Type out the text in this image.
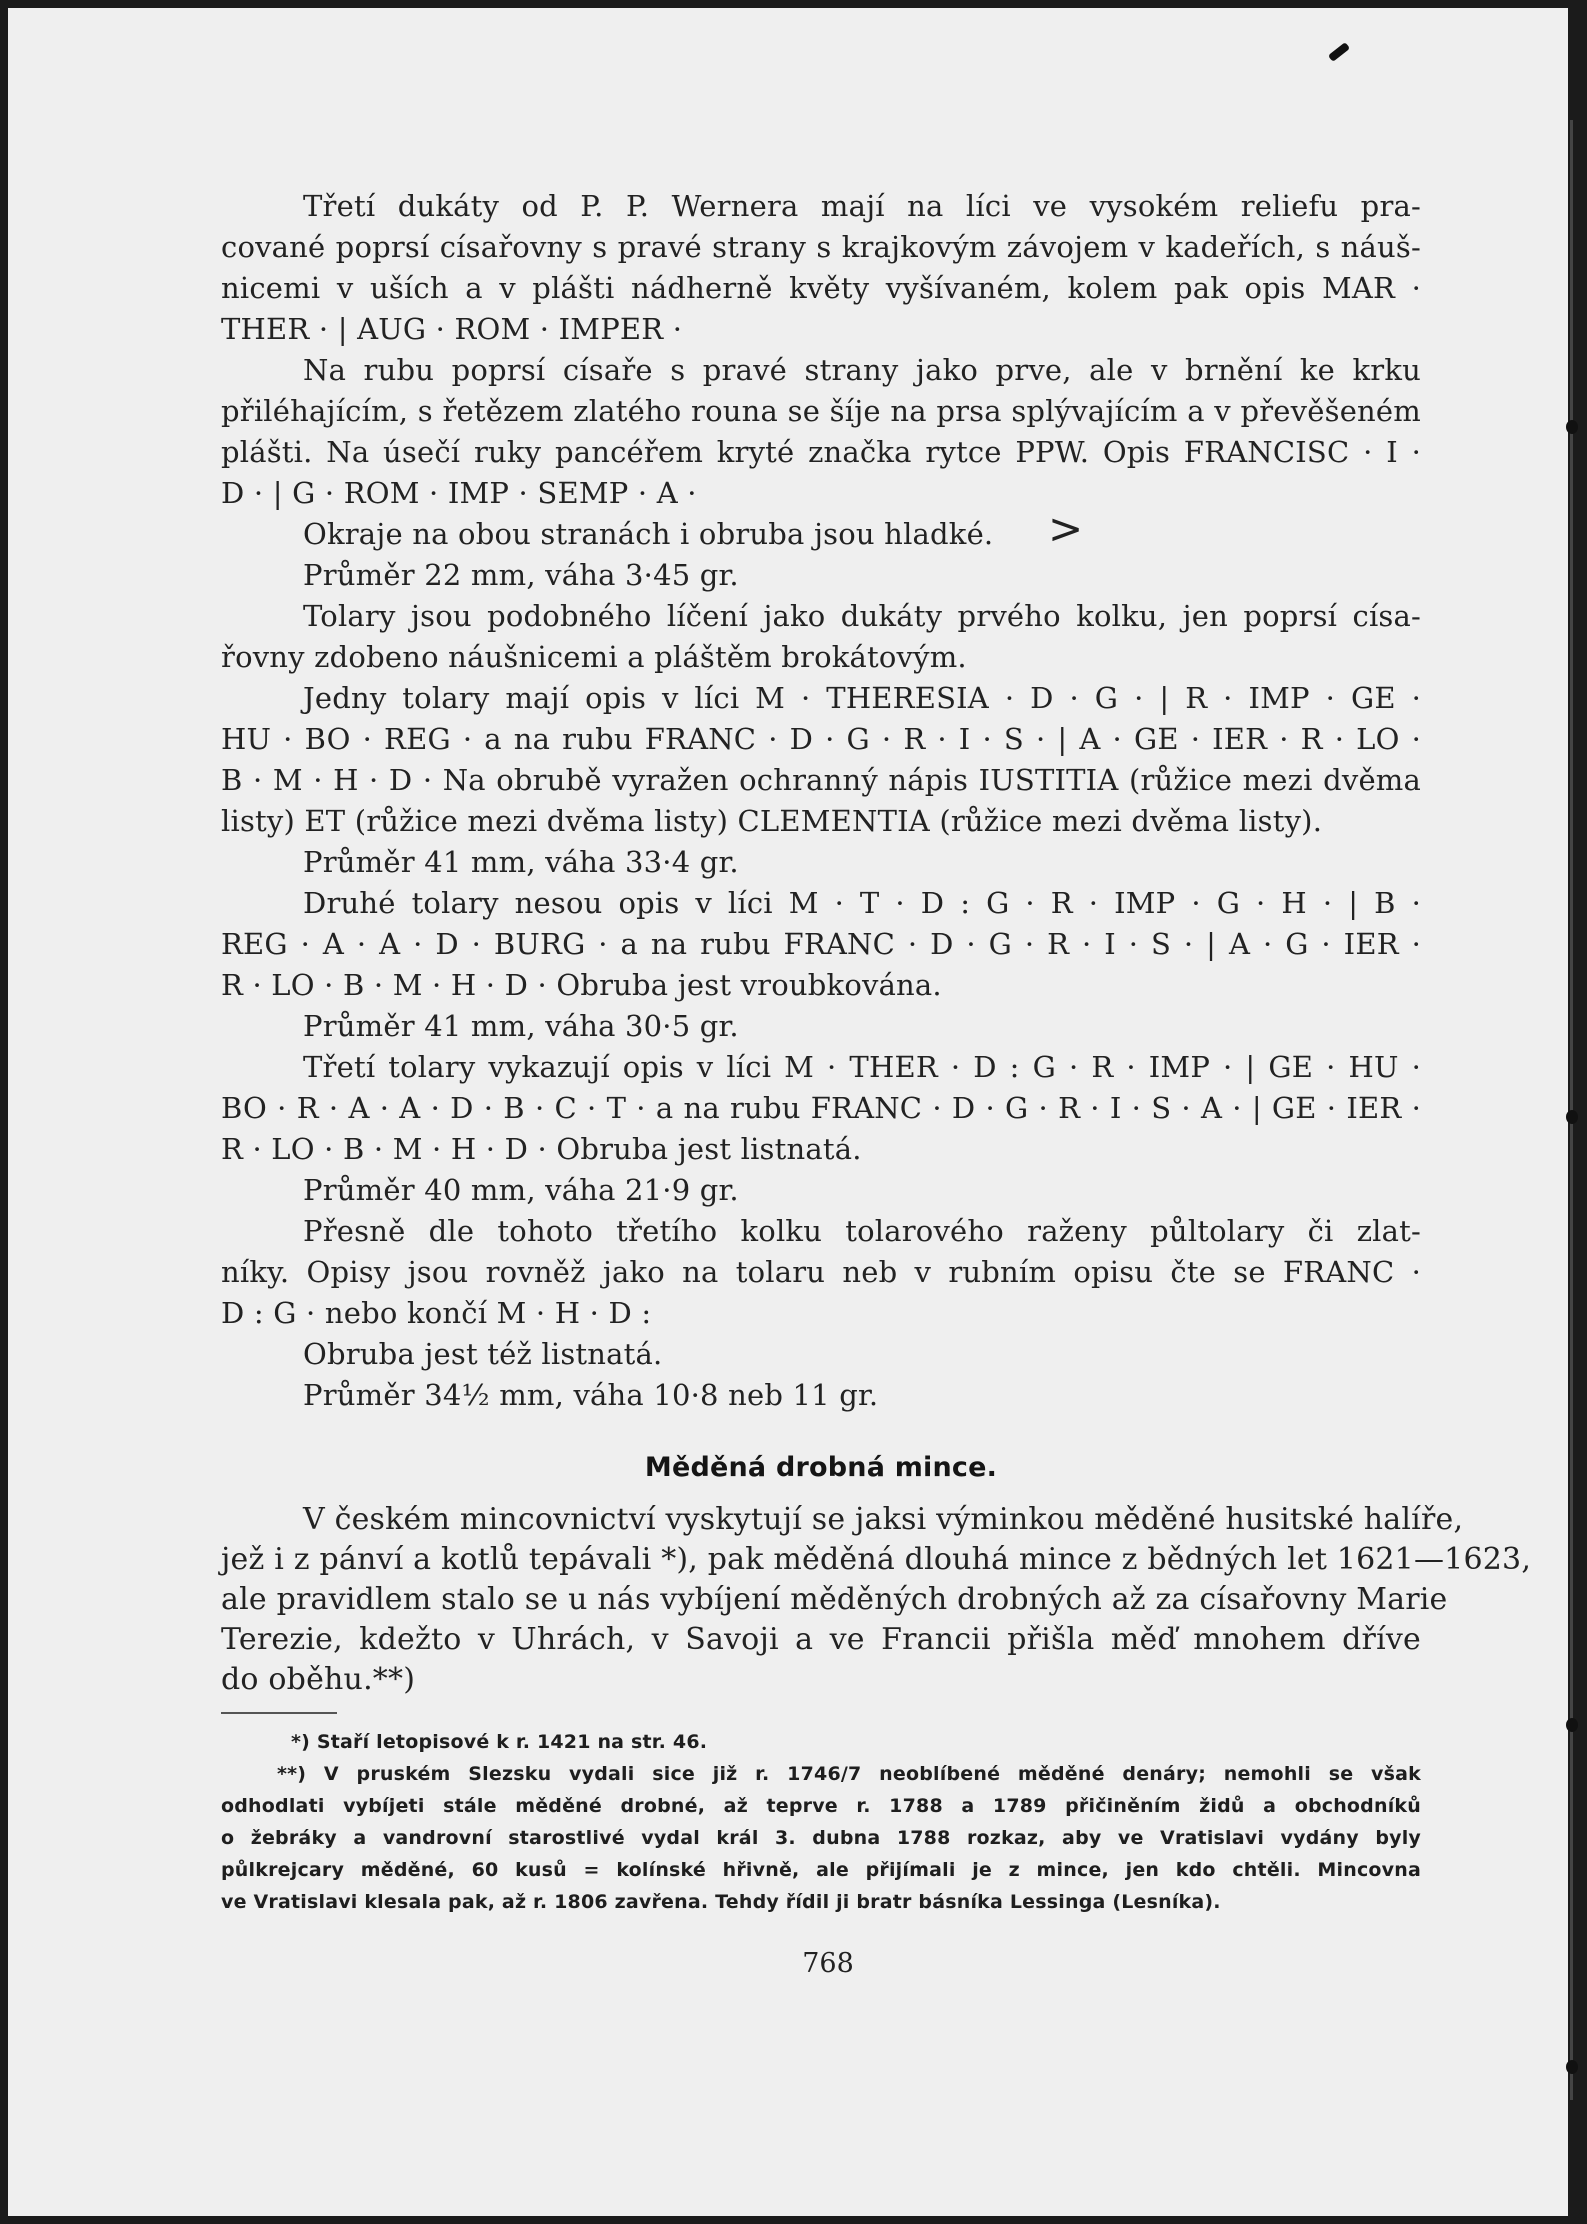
>

Třetí dukáty od P. P. Wernera mají na líci ve vysokém reliefu pra-

cované poprsí císařovny s pravé strany s krajkovým závojem v kadeřích, s náuš-

nicemi v uších a v plášti nádherně květy vyšívaném, kolem pak opis MAR ·

THER · | AUG · ROM · IMPER ·

Na rubu poprsí císaře s pravé strany jako prve, ale v brnění ke krku

přiléhajícím, s řetězem zlatého rouna se šíje na prsa splývajícím a v převěšeném

plášti. Na úsečí ruky pancéřem kryté značka rytce PPW. Opis FRANCISC · I ·

D · | G · ROM · IMP · SEMP · A ·

Okraje na obou stranách i obruba jsou hladké.

Průměr 22 mm, váha 3·45 gr.

Tolary jsou podobného líčení jako dukáty prvého kolku, jen poprsí císa-

řovny zdobeno náušnicemi a pláštěm brokátovým.

Jedny tolary mají opis v líci M · THERESIA · D · G · | R · IMP · GE ·

HU · BO · REG · a na rubu FRANC · D · G · R · I · S · | A · GE · IER · R · LO ·

B · M · H · D · Na obrubě vyražen ochranný nápis IUSTITIA (růžice mezi dvěma

listy) ET (růžice mezi dvěma listy) CLEMENTIA (růžice mezi dvěma listy).

Průměr 41 mm, váha 33·4 gr.

Druhé tolary nesou opis v líci M · T · D : G · R · IMP · G · H · | B ·

REG · A · A · D · BURG · a na rubu FRANC · D · G · R · I · S · | A · G · IER ·

R · LO · B · M · H · D · Obruba jest vroubkována.

Průměr 41 mm, váha 30·5 gr.

Třetí tolary vykazují opis v líci M · THER · D : G · R · IMP · | GE · HU ·

BO · R · A · A · D · B · C · T · a na rubu FRANC · D · G · R · I · S · A · | GE · IER ·

R · LO · B · M · H · D · Obruba jest listnatá.

Průměr 40 mm, váha 21·9 gr.

Přesně dle tohoto třetího kolku tolarového raženy půltolary či zlat-

níky. Opisy jsou rovněž jako na tolaru neb v rubním opisu čte se FRANC ·

D : G · nebo končí M · H · D :

Obruba jest též listnatá.

Průměr 34½ mm, váha 10·8 neb 11 gr.

Měděná drobná mince.

V českém mincovnictví vyskytují se jaksi výminkou měděné husitské halíře,

jež i z pánví a kotlů tepávali *), pak měděná dlouhá mince z bědných let 1621—1623,

ale pravidlem stalo se u nás vybíjení měděných drobných až za císařovny Marie

Terezie, kdežto v Uhrách, v Savoji a ve Francii přišla měď mnohem dříve

do oběhu.**)

*) Staří letopisové k r. 1421 na str. 46.

**) V pruském Slezsku vydali sice již r. 1746/7 neoblíbené měděné denáry; nemohli se však

odhodlati vybíjeti stále měděné drobné, až teprve r. 1788 a 1789 přičiněním židů a obchodníků

o žebráky a vandrovní starostlivé vydal král 3. dubna 1788 rozkaz, aby ve Vratislavi vydány byly

půlkrejcary měděné, 60 kusů = kolínské hřivně, ale přijímali je z mince, jen kdo chtěli. Mincovna

ve Vratislavi klesala pak, až r. 1806 zavřena. Tehdy řídil ji bratr básníka Lessinga (Lesníka).

768
